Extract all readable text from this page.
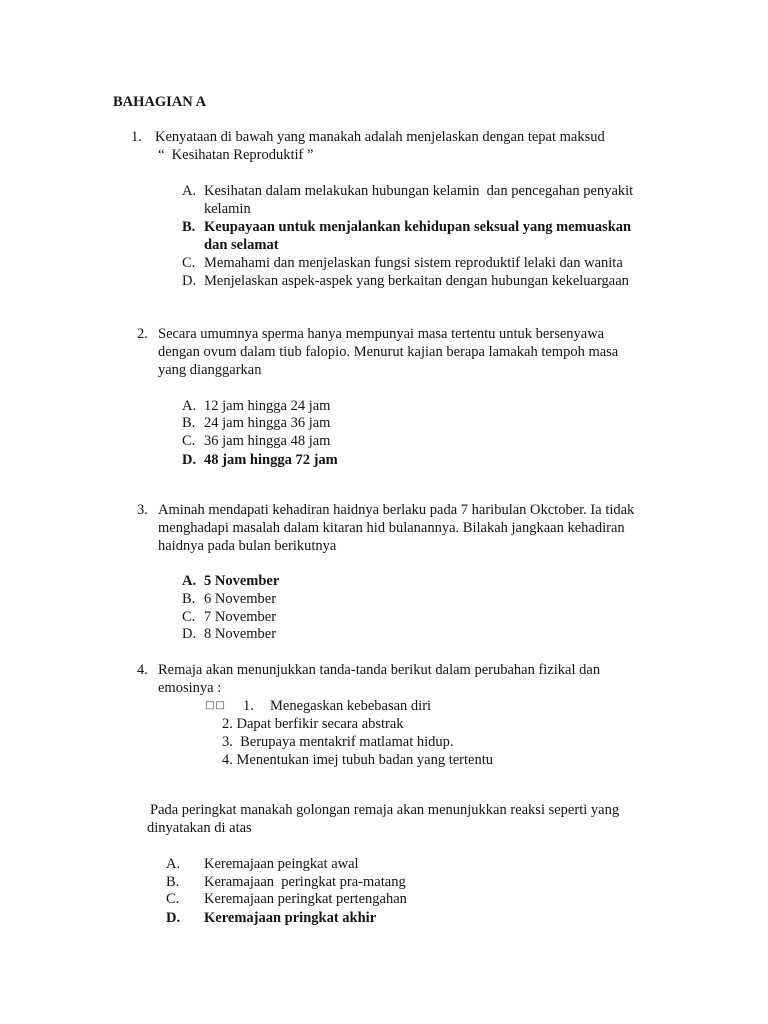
BAHAGIAN A
1. Kenyataan di bawah yang manakah adalah menjelaskan dengan tepat maksud
“  Kesihatan Reproduktif ”
A. Kesihatan dalam melakukan hubungan kelamin  dan pencegahan penyakit
kelamin
B. Keupayaan untuk menjalankan kehidupan seksual yang memuaskan
dan selamat
C. Memahami dan menjelaskan fungsi sistem reproduktif lelaki dan wanita
D. Menjelaskan aspek-aspek yang berkaitan dengan hubungan kekeluargaan
2. Secara umumnya sperma hanya mempunyai masa tertentu untuk bersenyawa
dengan ovum dalam tiub falopio. Menurut kajian berapa lamakah tempoh masa
yang dianggarkan
A. 12 jam hingga 24 jam
B. 24 jam hingga 36 jam
C. 36 jam hingga 48 jam
D. 48 jam hingga 72 jam
3. Aminah mendapati kehadiran haidnya berlaku pada 7 haribulan Okctober. Ia tidak
menghadapi masalah dalam kitaran hid bulanannya. Bilakah jangkaan kehadiran
haidnya pada bulan berikutnya
A. 5 November
B. 6 November
C. 7 November
D. 8 November
4. Remaja akan menunjukkan tanda-tanda berikut dalam perubahan fizikal dan
emosinya :
□□ 1. Menegaskan kebebasan diri
2. Dapat berfikir secara abstrak
3.  Berupaya mentakrif matlamat hidup.
4. Menentukan imej tubuh badan yang tertentu
Pada peringkat manakah golongan remaja akan menunjukkan reaksi seperti yang
dinyatakan di atas
A. Keremajaan peingkat awal
B. Keramajaan  peringkat pra-matang
C. Keremajaan peringkat pertengahan
D. Keremajaan pringkat akhir
